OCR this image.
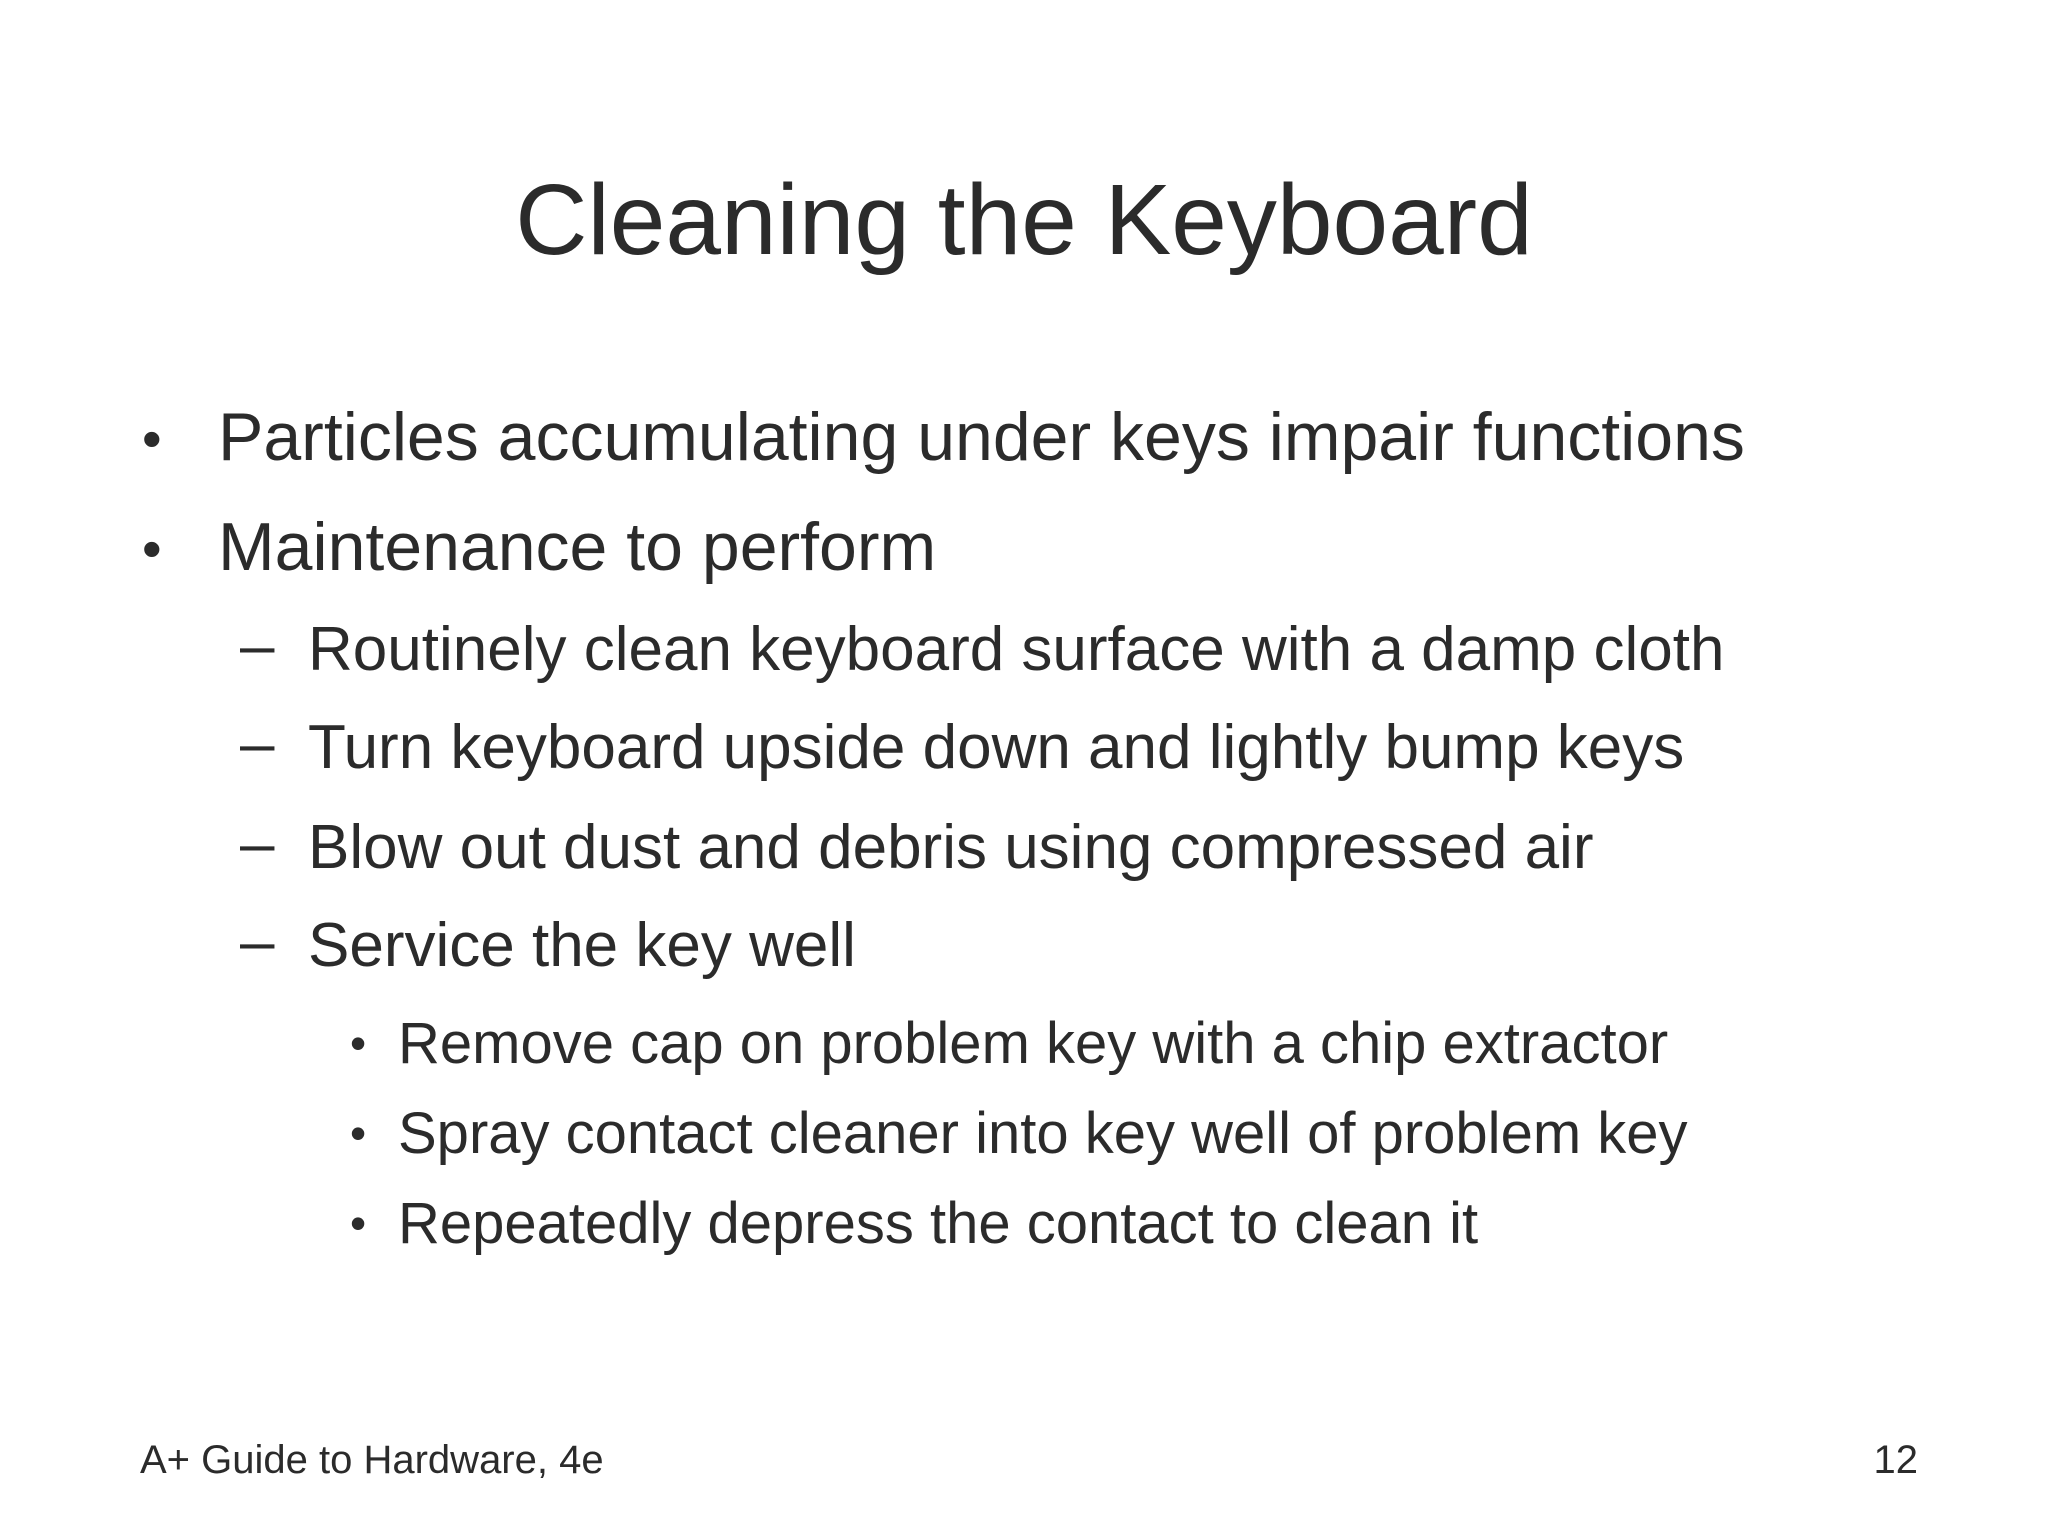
Cleaning the Keyboard
• Particles accumulating under keys impair functions
• Maintenance to perform
– Routinely clean keyboard surface with a damp cloth
– Turn keyboard upside down and lightly bump keys
– Blow out dust and debris using compressed air
– Service the key well
• Remove cap on problem key with a chip extractor
• Spray contact cleaner into key well of problem key
• Repeatedly depress the contact to clean it
A+ Guide to Hardware, 4e	12
